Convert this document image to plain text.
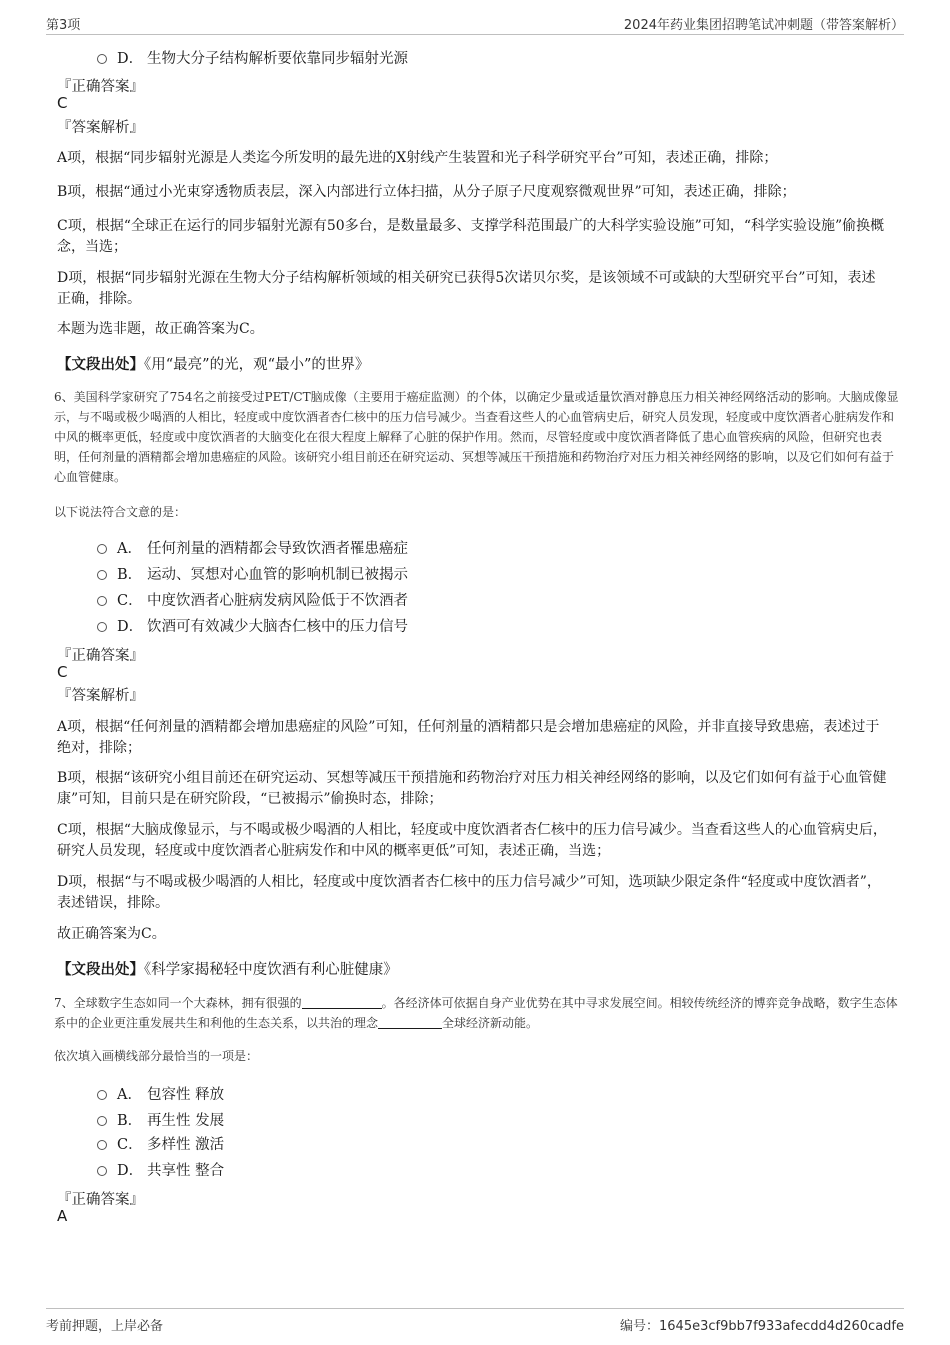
第3项	2024年药业集团招聘笔试冲刺题（带答案解析）
D． 生物大分子结构解析要依靠同步辐射光源
『正确答案』
C
『答案解析』
A项，根据“同步辐射光源是人类迄今所发明的最先进的X射线产生装置和光子科学研究平台”可知，表述正确，排除；
B项，根据“通过小光束穿透物质表层，深入内部进行立体扫描，从分子原子尺度观察微观世界”可知，表述正确，排除；
C项，根据“全球正在运行的同步辐射光源有50多台，是数量最多、支撑学科范围最广的大科学实验设施”可知，“科学实验设施”偷换概念，当选；
D项，根据“同步辐射光源在生物大分子结构解析领域的相关研究已获得5次诺贝尔奖，是该领域不可或缺的大型研究平台”可知，表述正确，排除。
本题为选非题，故正确答案为C。
【文段出处】《用“最亮”的光，观“最小”的世界》
6、美国科学家研究了754名之前接受过PET/CT脑成像（主要用于癌症监测）的个体，以确定少量或适量饮酒对静息压力相关神经网络活动的影响。大脑成像显示，与不喝或极少喝酒的人相比，轻度或中度饮酒者杏仁核中的压力信号减少。当查看这些人的心血管病史后，研究人员发现，轻度或中度饮酒者心脏病发作和中风的概率更低，轻度或中度饮酒者的大脑变化在很大程度上解释了心脏的保护作用。然而，尽管轻度或中度饮酒者降低了患心血管疾病的风险，但研究也表明，任何剂量的酒精都会增加患癌症的风险。该研究小组目前还在研究运动、冥想等减压干预措施和药物治疗对压力相关神经网络的影响，以及它们如何有益于心血管健康。
以下说法符合文意的是：
A． 任何剂量的酒精都会导致饮酒者罹患癌症
B． 运动、冥想对心血管的影响机制已被揭示
C． 中度饮酒者心脏病发病风险低于不饮酒者
D． 饮酒可有效减少大脑杏仁核中的压力信号
『正确答案』
C
『答案解析』
A项，根据“任何剂量的酒精都会增加患癌症的风险”可知，任何剂量的酒精都只是会增加患癌症的风险，并非直接导致患癌，表述过于绝对，排除；
B项，根据“该研究小组目前还在研究运动、冥想等减压干预措施和药物治疗对压力相关神经网络的影响，以及它们如何有益于心血管健康”可知，目前只是在研究阶段，“已被揭示”偷换时态，排除；
C项，根据“大脑成像显示，与不喝或极少喝酒的人相比，轻度或中度饮酒者杏仁核中的压力信号减少。当查看这些人的心血管病史后，研究人员发现，轻度或中度饮酒者心脏病发作和中风的概率更低”可知，表述正确，当选；
D项，根据“与不喝或极少喝酒的人相比，轻度或中度饮酒者杏仁核中的压力信号减少”可知，选项缺少限定条件“轻度或中度饮酒者”，表述错误，排除。
故正确答案为C。
【文段出处】《科学家揭秘轻中度饮酒有利心脏健康》
7、全球数字生态如同一个大森林，拥有很强的	。各经济体可依据自身产业优势在其中寻求发展空间。相较传统经济的博弈竞争战略，数字生态体系中的企业更注重发展共生和利他的生态关系，以共治的理念	全球经济新动能。
依次填入画横线部分最恰当的一项是：
A． 包容性 释放
B． 再生性 发展
C． 多样性 激活
D． 共享性 整合
『正确答案』
A
考前押题，上岸必备	编号：1645e3cf9bb7f933afecdd4d260cadfe
